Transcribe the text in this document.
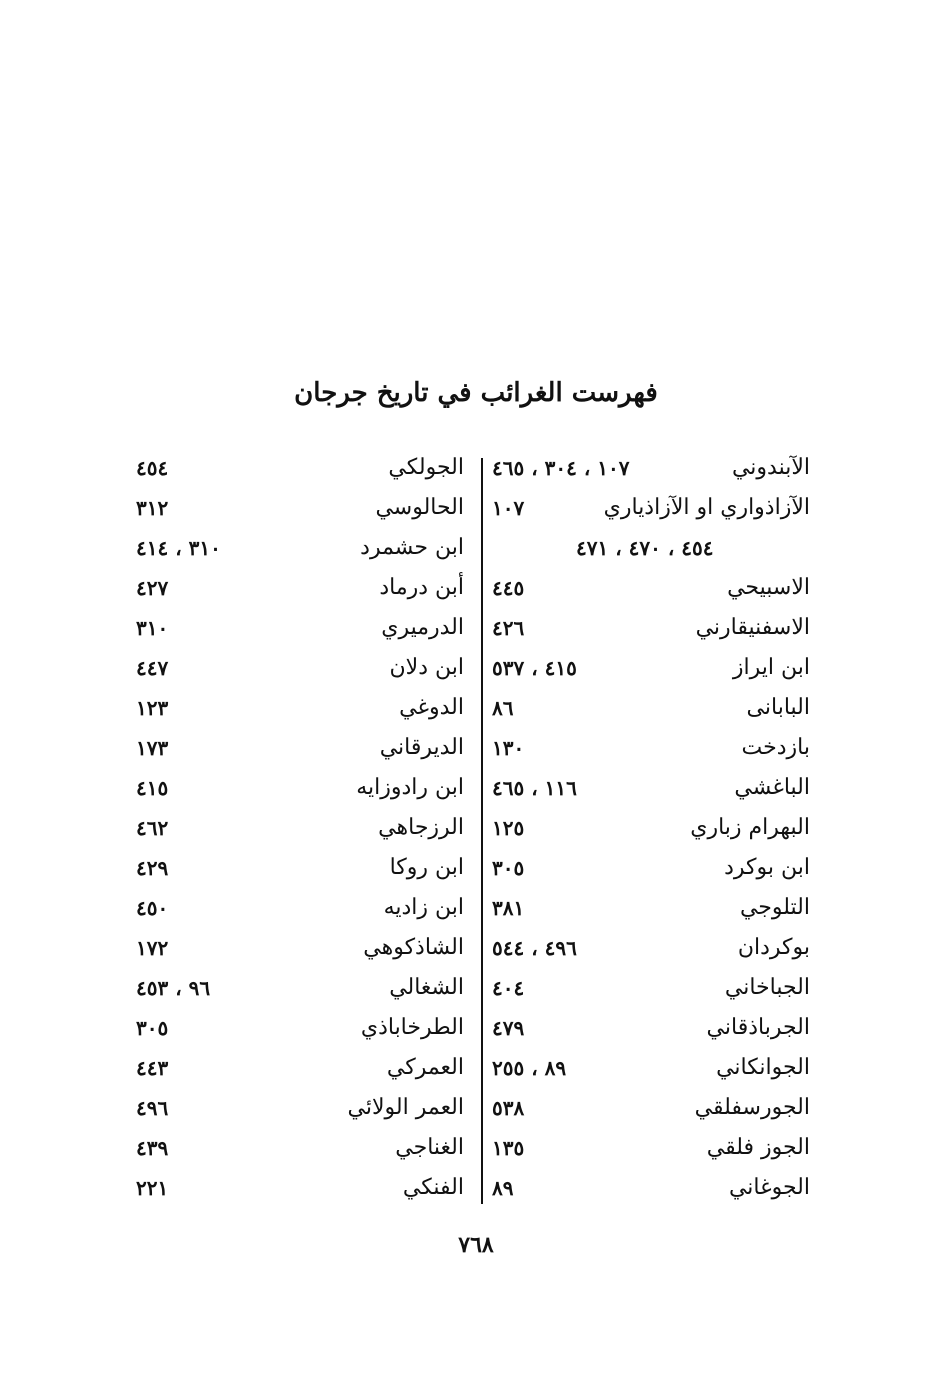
فهرست الغرائب في تاريخ جرجان
الآبندوني
١٠٧ ، ٣٠٤ ، ٤٦٥
الآزاذواري او الآزاذياري
١٠٧
٤٥٤ ، ٤٧٠ ، ٤٧١
الاسبيحي
٤٤٥
الاسفنيقارني
٤٢٦
ابن ايراز
٤١٥ ، ٥٣٧
البابانى
٨٦
بازدخت
١٣٠
الباغشي
١١٦ ، ٤٦٥
البهرام زباري
١٢٥
ابن بوكرد
٣٠٥
التلوجي
٣٨١
بوكردان
٤٩٦ ، ٥٤٤
الجباخاني
٤٠٤
الجرباذقاني
٤٧٩
الجوانكاني
٨٩ ، ٢٥٥
الجورسفلقي
٥٣٨
الجوز فلقي
١٣٥
الجوغاني
٨٩
الجولكي
٤٥٤
الحالوسي
٣١٢
ابن حشمرد
٣١٠ ، ٤١٤
أبن درماد
٤٢٧
الدرميري
٣١٠
ابن دلان
٤٤٧
الدوغي
١٢٣
الديرقاني
١٧٣
ابن رادوزايه
٤١٥
الرزجاهي
٤٦٢
ابن روكا
٤٢٩
ابن زاديه
٤٥٠
الشاذكوهي
١٧٢
الشغالي
٩٦ ، ٤٥٣
الطرخاباذي
٣٠٥
العمركي
٤٤٣
العمر الولائي
٤٩٦
الغناجي
٤٣٩
الفنكي
٢٢١
٧٦٨
